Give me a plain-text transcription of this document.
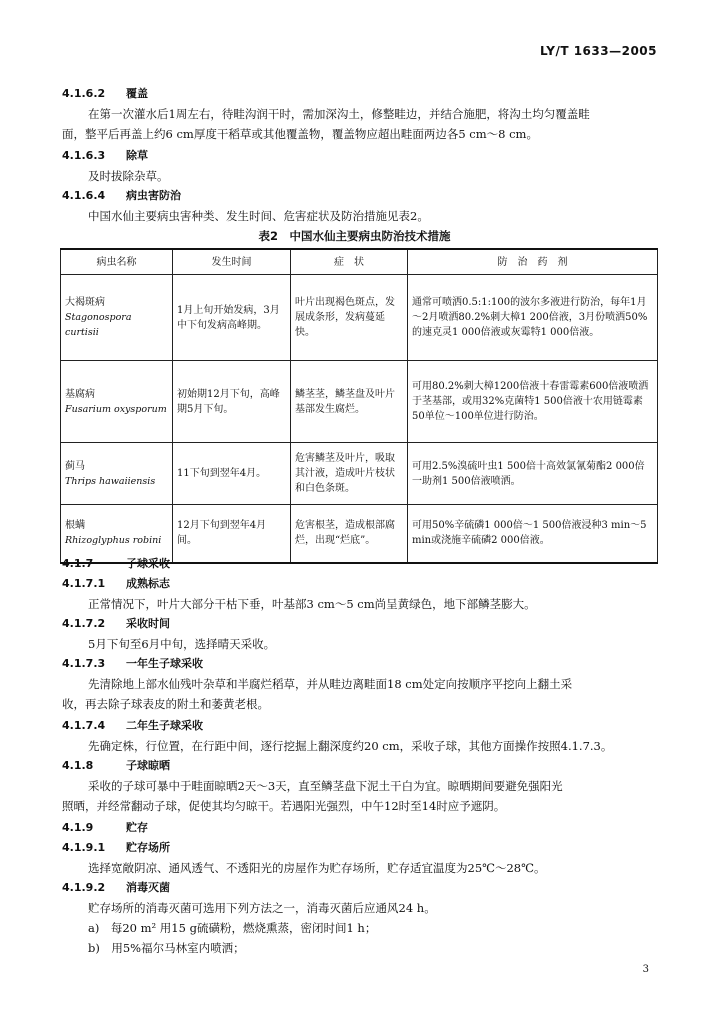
LY/T 1633—2005
4.1.6.2 覆盖
在第一次灌水后1周左右，待畦沟润干时，需加深沟土，修整畦边，并结合施肥，将沟土均匀覆盖畦
面，整平后再盖上约6 cm厚度干稻草或其他覆盖物，覆盖物应超出畦面两边各5 cm～8 cm。
4.1.6.3 除草
及时拔除杂草。
4.1.6.4 病虫害防治
中国水仙主要病虫害种类、发生时间、危害症状及防治措施见表2。
表2　中国水仙主要病虫防治技术措施
病虫名称	发生时间	症　状	防　治　药　剂

大褐斑病
Stagonospora curtisii	1月上旬开始发病，3月中下旬发病高峰期。	叶片出现褐色斑点，发展成条形，发病蔓延快。	通常可喷洒0.5:1:100的波尔多液进行防治，每年1月～2月喷洒80.2%刺大樟1 200倍液，3月份喷洒50%的速克灵1 000倍液或灰霉特1 000倍液。

基腐病
Fusarium oxysporum	初始期12月下旬，高峰期5月下旬。	鳞茎茎，鳞茎盘及叶片基部发生腐烂。	可用80.2%刺大樟1200倍液十春雷霉素600倍液喷洒于茎基部，或用32%克菌特1 500倍液十农用链霉素50单位～100单位进行防治。

蓟马
Thrips hawaiiensis	11下旬到翌年4月。	危害鳞茎及叶片，吸取其汁液，造成叶片枝状和白色条斑。	可用2.5%溴硫叶虫1 500倍十高效氯氰菊酯2 000倍一助剂1 500倍液喷洒。

根螨
Rhizoglyphus robini	12月下旬到翌年4月间。	危害根茎，造成根部腐烂，出现“烂底”。	可用50%辛硫磷1 000倍～1 500倍液浸种3 min～5 min或浇施辛硫磷2 000倍液。
4.1.7	子球采收
4.1.7.1 成熟标志
正常情况下，叶片大部分干枯下垂，叶基部3 cm～5 cm尚呈黄绿色，地下部鳞茎膨大。
4.1.7.2 采收时间
5月下旬至6月中旬，选择晴天采收。
4.1.7.3 一年生子球采收
先清除地上部水仙残叶杂草和半腐烂稻草，并从畦边离畦面18 cm处定向按顺序平挖向上翻土采
收，再去除子球表皮的附土和萎黄老根。
4.1.7.4 二年生子球采收
先确定株，行位置，在行距中间，逐行挖掘上翻深度约20 cm，采收子球，其他方面操作按照4.1.7.3。
4.1.8	子球晾晒
采收的子球可暴中于畦面晾晒2天～3天，直至鳞茎盘下泥土干白为宜。晾晒期间要避免强阳光
照晒，并经常翻动子球，促使其均匀晾干。若遇阳光强烈，中午12时至14时应予遮阴。
4.1.9	贮存
4.1.9.1 贮存场所
选择宽敞阴凉、通风透气、不透阳光的房屋作为贮存场所，贮存适宜温度为25℃～28℃。
4.1.9.2 消毒灭菌
贮存场所的消毒灭菌可选用下列方法之一，消毒灭菌后应通风24 h。
a)　每20 m² 用15 g硫磺粉，燃烧熏蒸，密闭时间1 h；
b)　用5%福尔马林室内喷洒；
3
